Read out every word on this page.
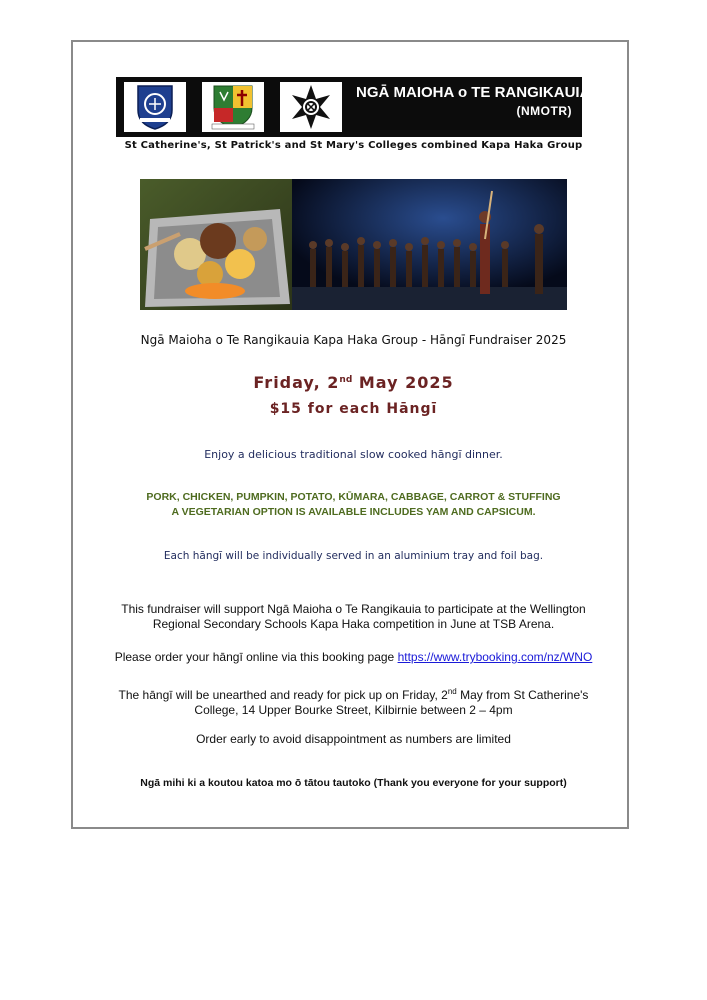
NGĀ MAIOHA o TE RANGIKAUIA
(NMOTR)
St Catherine's, St Patrick's and St Mary's Colleges combined Kapa Haka Group
Ngā Maioha o Te Rangikauia Kapa Haka Group - Hāngī Fundraiser 2025
Friday, 2nd May 2025
$15 for each Hāngī
Enjoy a delicious traditional slow cooked hāngī dinner.
PORK, CHICKEN, PUMPKIN, POTATO, KŪMARA, CABBAGE, CARROT & STUFFING
A VEGETARIAN OPTION IS AVAILABLE INCLUDES YAM AND CAPSICUM.
Each hāngī will be individually served in an aluminium tray and foil bag.
This fundraiser will support Ngā Maioha o Te Rangikauia to participate at the Wellington
Regional Secondary Schools Kapa Haka competition in June at TSB Arena.
Please order your hāngī online via this booking page https://www.trybooking.com/nz/WNO
The hāngī will be unearthed and ready for pick up on Friday, 2nd May from St Catherine's
College, 14 Upper Bourke Street, Kilbirnie between 2 – 4pm
Order early to avoid disappointment as numbers are limited
Ngā mihi ki a koutou katoa mo ō tātou tautoko (Thank you everyone for your support)
